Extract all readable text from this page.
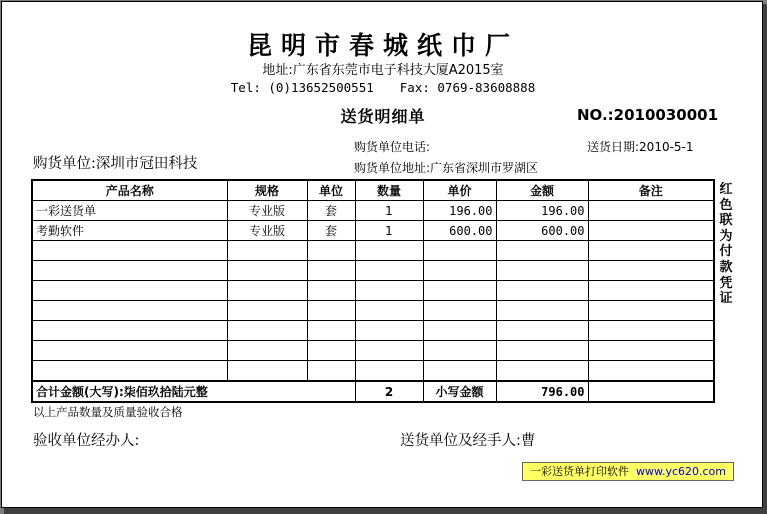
昆明市春城纸巾厂
地址:广东省东莞市电子科技大厦A2015室
Tel: (0)13652500551 Fax: 0769-83608888
送货明细单	NO.:2010030001
购货单位电话:	送货日期:2010-5-1
购货单位:深圳市冠田科技	购货单位地址:广东省深圳市罗湖区
产品名称	规格	单位	数量	单价	金额	备注
一彩送货单	专业版	套	1	196.00	196.00	
考勤软件	专业版	套	1	600.00	600.00	

合计金额(大写):柒佰玖拾陆元整			2	小写金额	796.00	
红色联为付款凭证
以上产品数量及质量验收合格
验收单位经办人:	送货单位及经手人:曹
一彩送货单打印软件 www.yc620.com
